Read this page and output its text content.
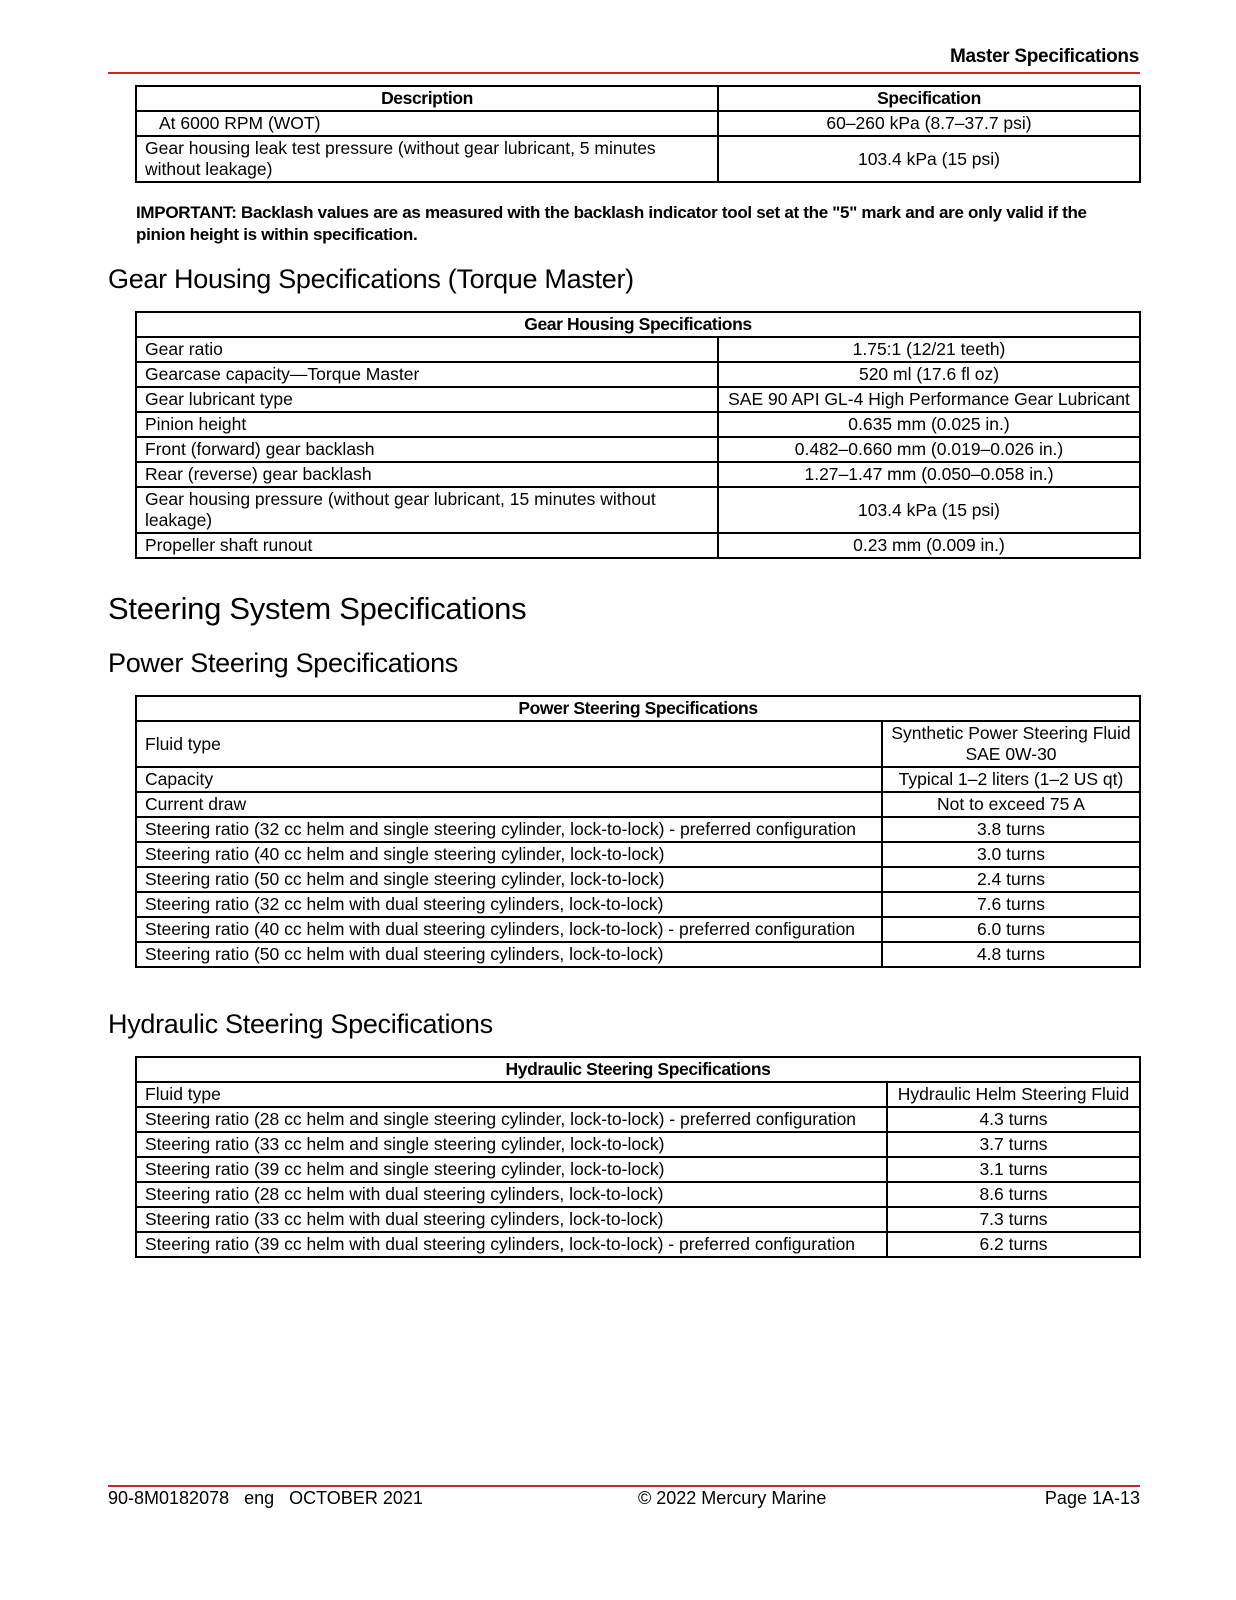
Master Specifications
Description	Specification
At 6000 RPM (WOT)	60–260 kPa (8.7–37.7 psi)
Gear housing leak test pressure (without gear lubricant, 5 minutes without leakage)	103.4 kPa (15 psi)
IMPORTANT: Backlash values are as measured with the backlash indicator tool set at the "5" mark and are only valid if the pinion height is within specification.
Gear Housing Specifications (Torque Master)
Gear Housing Specifications	
Gear ratio	1.75:1 (12/21 teeth)
Gearcase capacity—Torque Master	520 ml (17.6 fl oz)
Gear lubricant type	SAE 90 API GL-4 High Performance Gear Lubricant
Pinion height	0.635 mm (0.025 in.)
Front (forward) gear backlash	0.482–0.660 mm (0.019–0.026 in.)
Rear (reverse) gear backlash	1.27–1.47 mm (0.050–0.058 in.)
Gear housing pressure (without gear lubricant, 15 minutes without leakage)	103.4 kPa (15 psi)
Propeller shaft runout	0.23 mm (0.009 in.)
Steering System Specifications
Power Steering Specifications
Power Steering Specifications	
Fluid type	Synthetic Power Steering Fluid SAE 0W-30
Capacity	Typical 1–2 liters (1–2 US qt)
Current draw	Not to exceed 75 A
Steering ratio (32 cc helm and single steering cylinder, lock-to-lock) - preferred configuration	3.8 turns
Steering ratio (40 cc helm and single steering cylinder, lock-to-lock)	3.0 turns
Steering ratio (50 cc helm and single steering cylinder, lock-to-lock)	2.4 turns
Steering ratio (32 cc helm with dual steering cylinders, lock-to-lock)	7.6 turns
Steering ratio (40 cc helm with dual steering cylinders, lock-to-lock) - preferred configuration	6.0 turns
Steering ratio (50 cc helm with dual steering cylinders, lock-to-lock)	4.8 turns
Hydraulic Steering Specifications
Hydraulic Steering Specifications	
Fluid type	Hydraulic Helm Steering Fluid
Steering ratio (28 cc helm and single steering cylinder, lock-to-lock) - preferred configuration	4.3 turns
Steering ratio (33 cc helm and single steering cylinder, lock-to-lock)	3.7 turns
Steering ratio (39 cc helm and single steering cylinder, lock-to-lock)	3.1 turns
Steering ratio (28 cc helm with dual steering cylinders, lock-to-lock)	8.6 turns
Steering ratio (33 cc helm with dual steering cylinders, lock-to-lock)	7.3 turns
Steering ratio (39 cc helm with dual steering cylinders, lock-to-lock) - preferred configuration	6.2 turns
90-8M0182078   eng   OCTOBER 2021	© 2022 Mercury Marine	Page 1A-13
